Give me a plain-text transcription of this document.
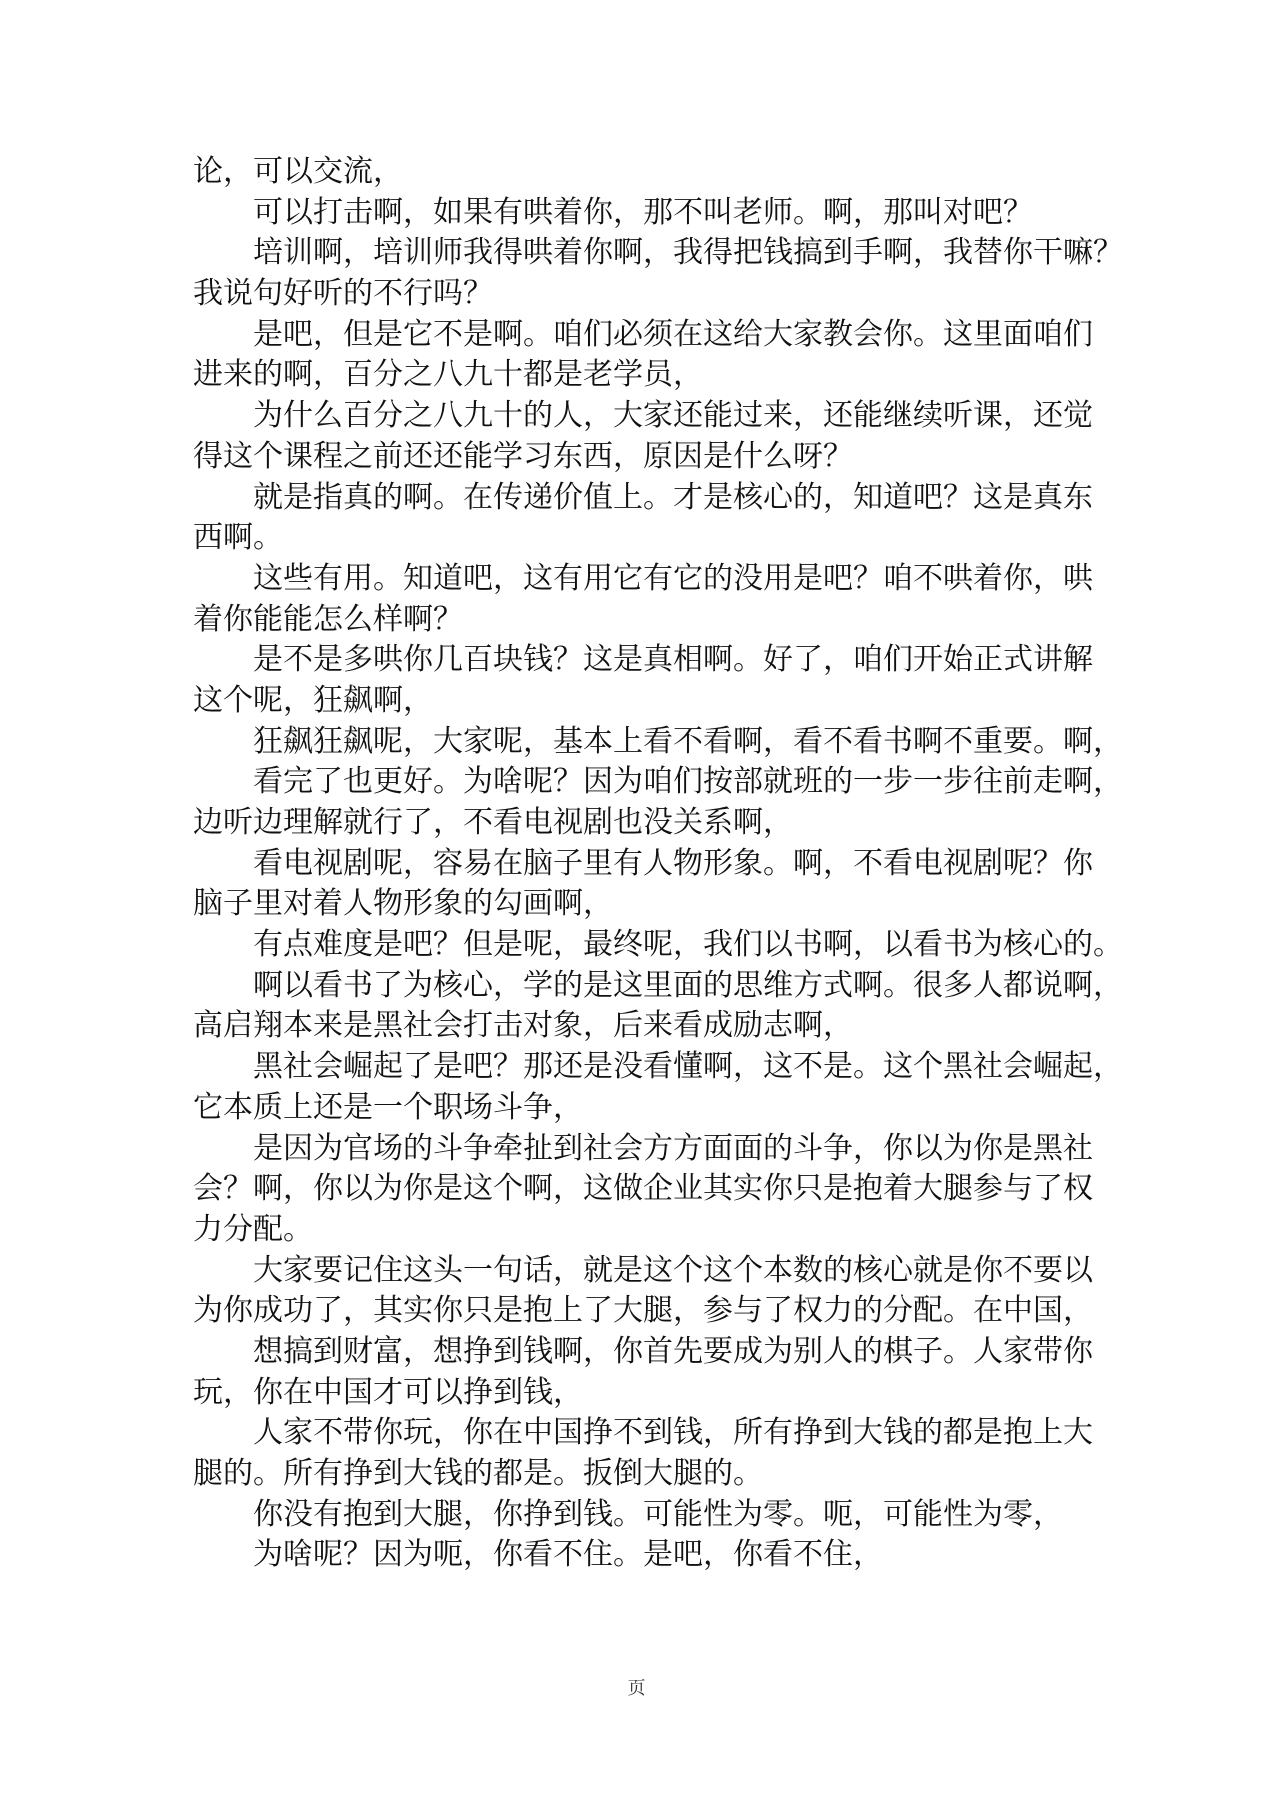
论，可以交流，
可以打击啊，如果有哄着你，那不叫老师。啊，那叫对吧？
培训啊，培训师我得哄着你啊，我得把钱搞到手啊，我替你干嘛？
我说句好听的不行吗？
是吧，但是它不是啊。咱们必须在这给大家教会你。这里面咱们
进来的啊，百分之八九十都是老学员，
为什么百分之八九十的人，大家还能过来，还能继续听课，还觉
得这个课程之前还还能学习东西，原因是什么呀？
就是指真的啊。在传递价值上。才是核心的，知道吧？这是真东
西啊。
这些有用。知道吧，这有用它有它的没用是吧？咱不哄着你，哄
着你能能怎么样啊？
是不是多哄你几百块钱？这是真相啊。好了，咱们开始正式讲解
这个呢，狂飙啊，
狂飙狂飙呢，大家呢，基本上看不看啊，看不看书啊不重要。啊，
看完了也更好。为啥呢？因为咱们按部就班的一步一步往前走啊，
边听边理解就行了，不看电视剧也没关系啊，
看电视剧呢，容易在脑子里有人物形象。啊，不看电视剧呢？你
脑子里对着人物形象的勾画啊，
有点难度是吧？但是呢，最终呢，我们以书啊，以看书为核心的。
啊以看书了为核心，学的是这里面的思维方式啊。很多人都说啊，
高启翔本来是黑社会打击对象，后来看成励志啊，
黑社会崛起了是吧？那还是没看懂啊，这不是。这个黑社会崛起，
它本质上还是一个职场斗争，
是因为官场的斗争牵扯到社会方方面面的斗争，你以为你是黑社
会？啊，你以为你是这个啊，这做企业其实你只是抱着大腿参与了权
力分配。
大家要记住这头一句话，就是这个这个本数的核心就是你不要以
为你成功了，其实你只是抱上了大腿，参与了权力的分配。在中国，
想搞到财富，想挣到钱啊，你首先要成为别人的棋子。人家带你
玩，你在中国才可以挣到钱，
人家不带你玩，你在中国挣不到钱，所有挣到大钱的都是抱上大
腿的。所有挣到大钱的都是。扳倒大腿的。
你没有抱到大腿，你挣到钱。可能性为零。呃，可能性为零，
为啥呢？因为呃，你看不住。是吧，你看不住，
页
